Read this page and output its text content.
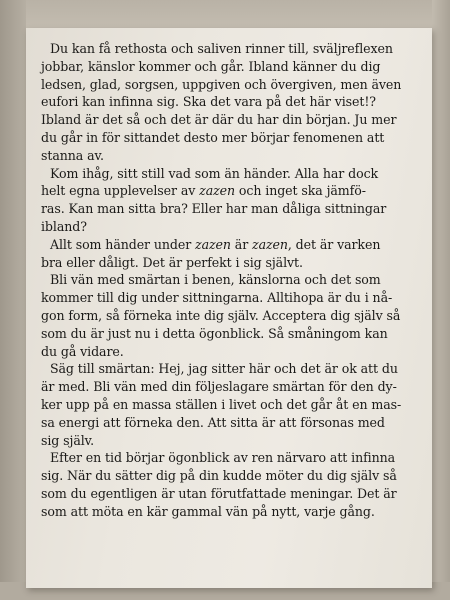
Du kan få rethosta och saliven rinner till, sväljreflexen
jobbar, känslor kommer och går. Ibland känner du dig
ledsen, glad, sorgsen, uppgiven och övergiven, men även
eufori kan infinna sig. Ska det vara på det här viset!?
Ibland är det så och det är där du har din början. Ju mer
du går in för sittandet desto mer börjar fenomenen att
stanna av.
Kom ihåg, sitt still vad som än händer. Alla har dock
helt egna upplevelser av zazen och inget ska jämfö-
ras. Kan man sitta bra? Eller har man dåliga sittningar
ibland?
Allt som händer under zazen är zazen, det är varken
bra eller dåligt. Det är perfekt i sig självt.
Bli vän med smärtan i benen, känslorna och det som
kommer till dig under sittningarna. Alltihopa är du i nå-
gon form, så förneka inte dig själv. Acceptera dig själv så
som du är just nu i detta ögonblick. Så småningom kan
du gå vidare.
Säg till smärtan: Hej, jag sitter här och det är ok att du
är med. Bli vän med din följeslagare smärtan för den dy-
ker upp på en massa ställen i livet och det går åt en mas-
sa energi att förneka den. Att sitta är att försonas med
sig själv.
Efter en tid börjar ögonblick av ren närvaro att infinna
sig. När du sätter dig på din kudde möter du dig själv så
som du egentligen är utan förutfattade meningar. Det är
som att möta en kär gammal vän på nytt, varje gång.
